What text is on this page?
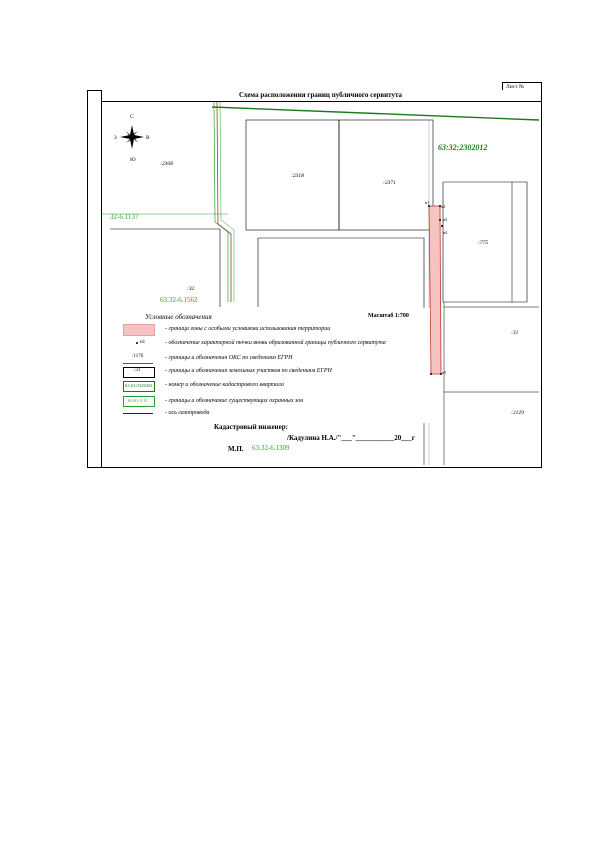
Лист №
Схема расположения границ публичного сервитута
С
Ю
З	В
63:32:2302012
32-6.1137
63:32-6.1562
63:32-6.1309
:2368
:2318
:2371
:775
:32
:31
:2129
н1
н2
н3
н4
н5
Условные обозначения	Масштаб 1:700
н1
:1176
:31
63:01:0345002
63:01-5.11
- граница зоны с особыми условиями использования территории
- обозначение характерной точки вновь образованной границы публичного сервитута
- границы и обозначения ОКС по сведениям ЕГРН
- границы и обозначения земельных участков по сведениям ЕГРН
- номер и обозначение кадастрового квартала
- границы и обозначение существующих охранных зон
- ось газопровода
Кадастровый инженер:
/Кадулина Н.А./"___"___________20___г
М.П.
